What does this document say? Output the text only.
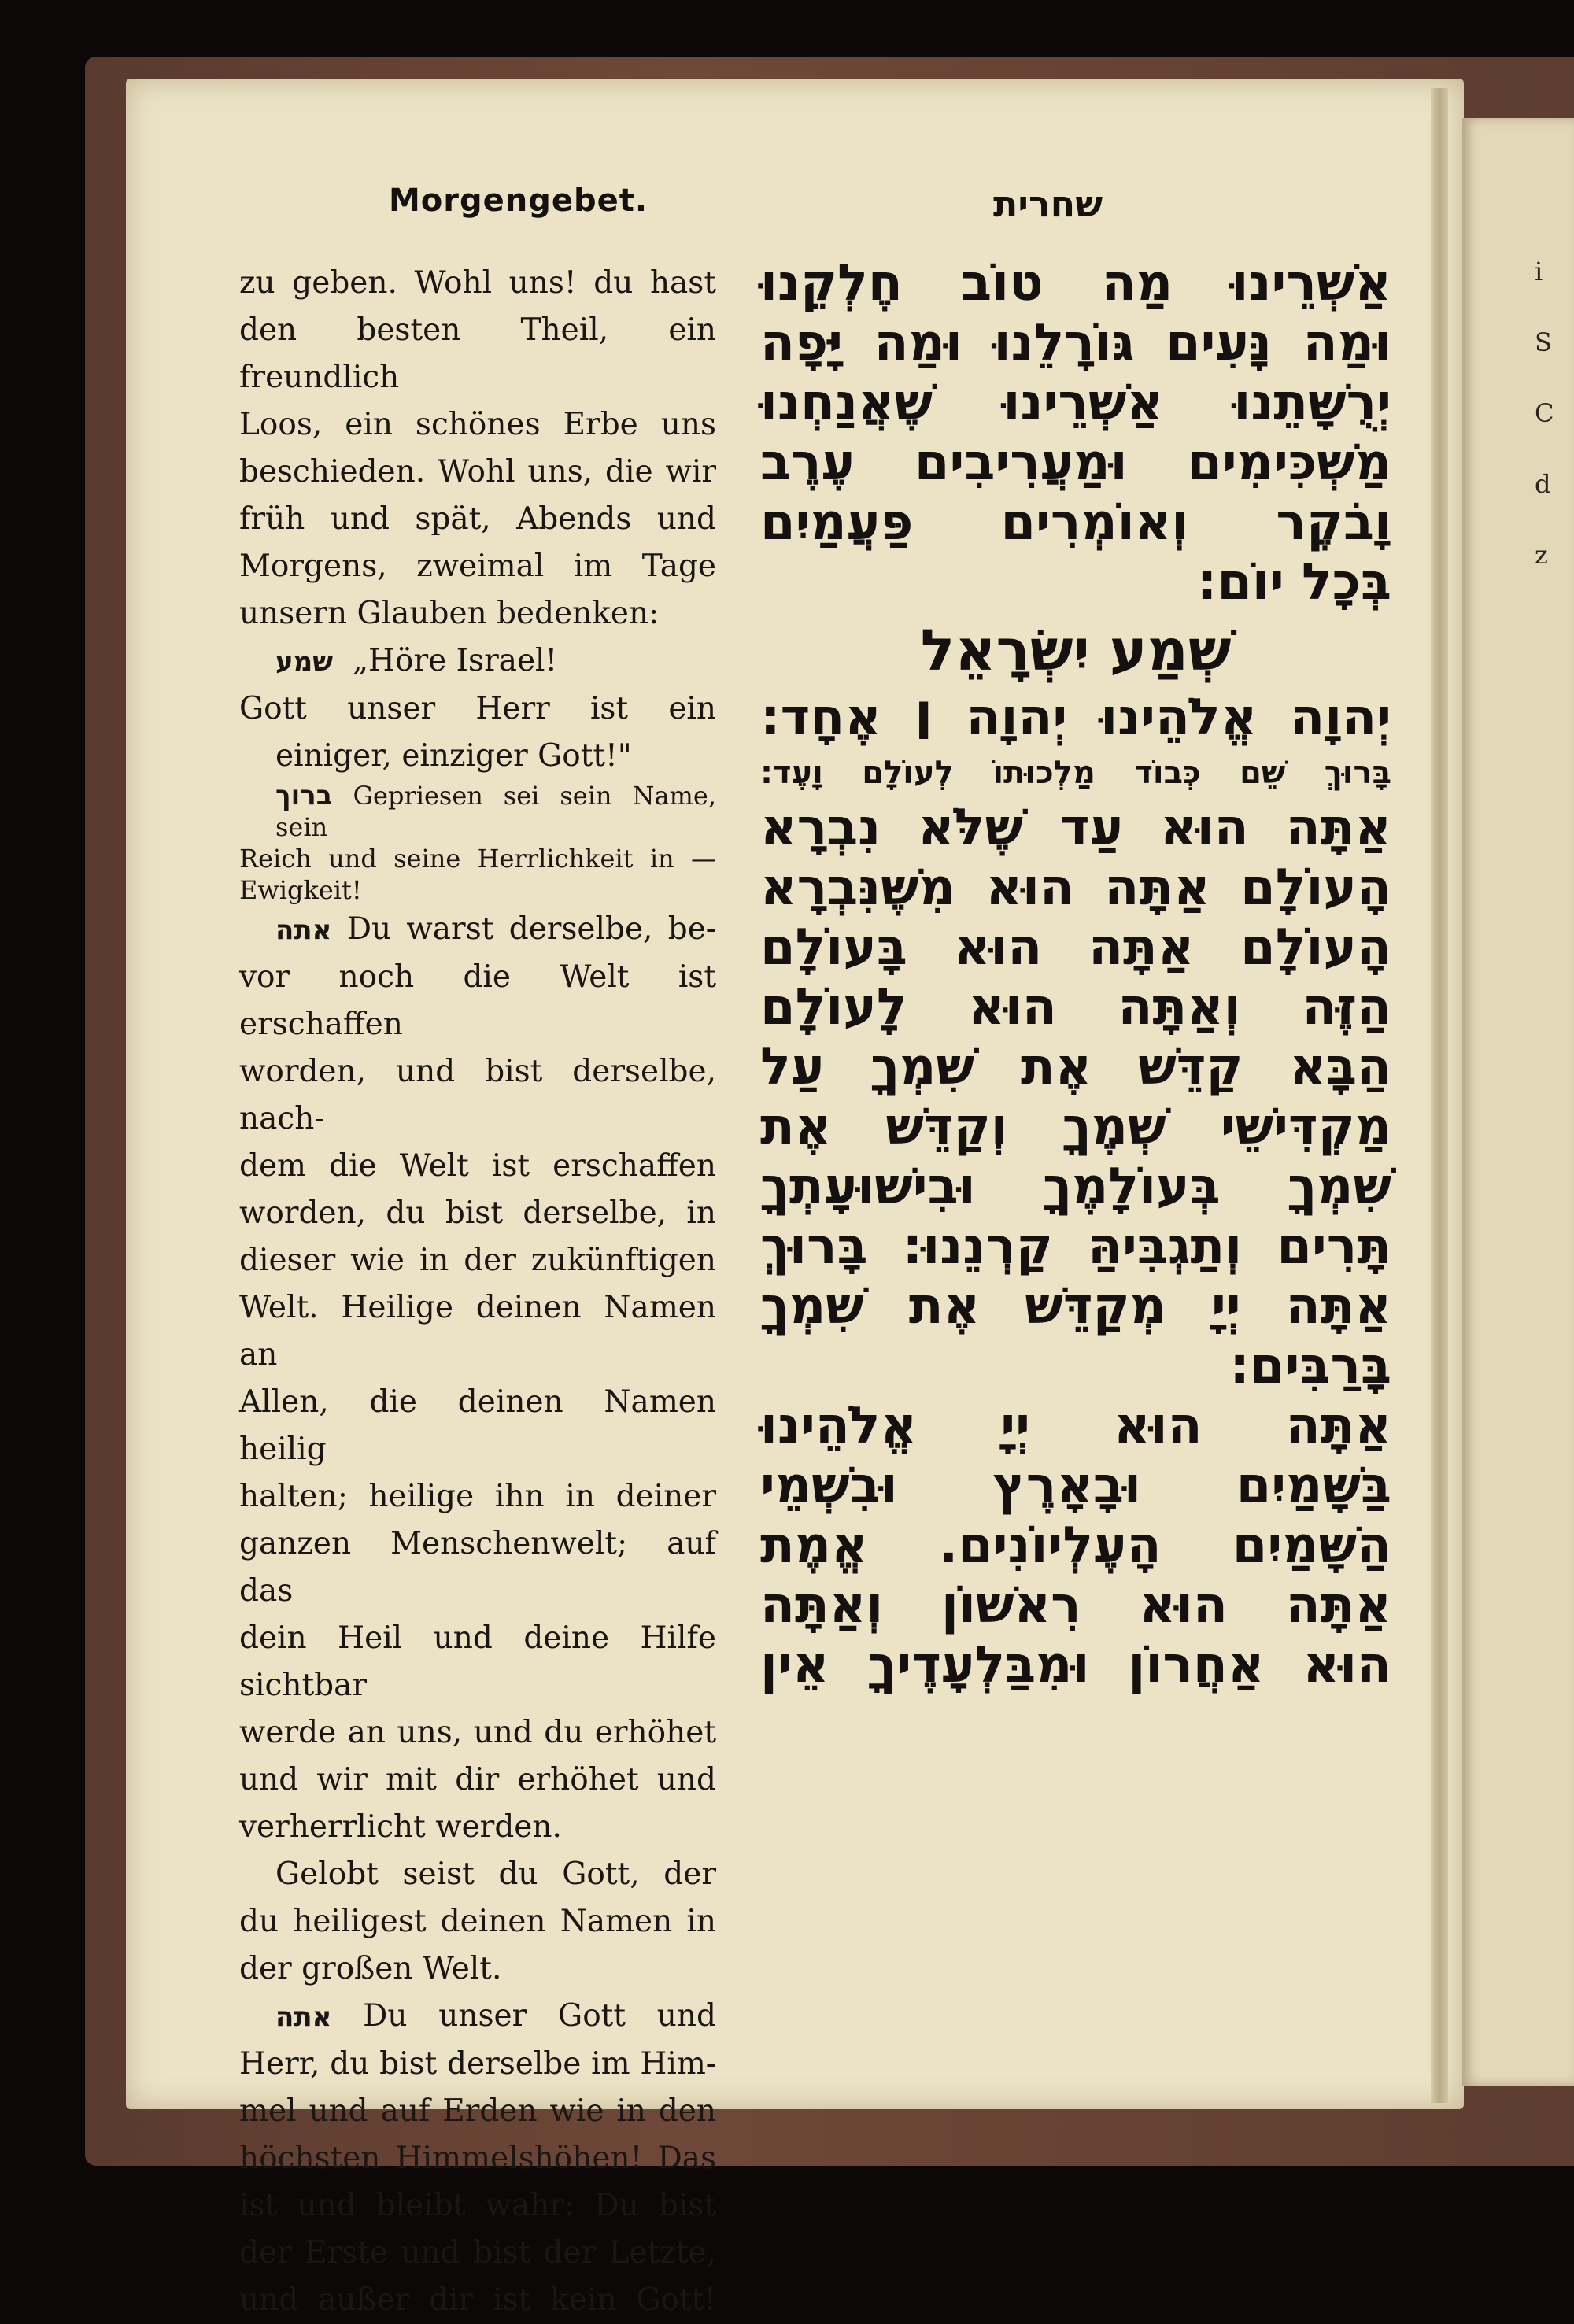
Morgengebet.	שחרית

zu geben. Wohl uns! du hast

den besten Theil, ein freundlich

Loos, ein schönes Erbe uns

beschieden. Wohl uns, die wir

früh und spät, Abends und

Morgens, zweimal im Tage

unsern Glauben bedenken:

שמע „Höre Israel!

Gott unser Herr ist ein

einiger, einziger Gott!"

ברוך Gepriesen sei sein Name, sein

Reich und seine Herrlichkeit in —

Ewigkeit!

אתה Du warst derselbe, be-

vor noch die Welt ist erschaffen

worden, und bist derselbe, nach-

dem die Welt ist erschaffen

worden, du bist derselbe, in

dieser wie in der zukünftigen

Welt. Heilige deinen Namen an

Allen, die deinen Namen heilig

halten; heilige ihn in deiner

ganzen Menschenwelt; auf das

dein Heil und deine Hilfe sichtbar

werde an uns, und du erhöhet

und wir mit dir erhöhet und

verherrlicht werden.

Gelobt seist du Gott, der

du heiligest deinen Namen in

der großen Welt.

אתה Du unser Gott und

Herr, du bist derselbe im Him-

mel und auf Erden wie in den

höchsten Himmelshöhen! Das

ist und bleibt wahr: Du bist

der Erste und bist der Letzte,

und außer dir ist kein Gott!

אַשְׁרֵינוּ מַה טוֹב חֶלְקֵנוּ

וּמַה נָּעִים גּוֹרָלֵנוּ וּמַה יָּפָה

יְרֻשָּׁתֵנוּ אַשְׁרֵינוּ שֶׁאֲנַחְנוּ

מַשְׁכִּימִים וּמַעֲרִיבִים עֶרֶב

וָבֹקֶר וְאוֹמְרִים פַּעֲמַיִם

בְּכָל יוֹם:

שְׁמַע יִשְׂרָאֵל

יְהוָה אֱלֹהֵינוּ יְהוָה ׀ אֶחָד:

בָּרוּךְ שֵׁם כְּבוֹד מַלְכוּתוֹ לְעוֹלָם וָעֶד:

אַתָּה הוּא עַד שֶׁלֹּא נִבְרָא

הָעוֹלָם אַתָּה הוּא מִשֶּׁנִּבְרָא

הָעוֹלָם אַתָּה הוּא בָּעוֹלָם

הַזֶּה וְאַתָּה הוּא לָעוֹלָם

הַבָּא קַדֵּשׁ אֶת שִׁמְךָ עַל

מַקְדִּישֵׁי שְׁמֶךָ וְקַדֵּשׁ אֶת

שִׁמְךָ בְּעוֹלָמֶךָ וּבִישׁוּעָתְךָ

תָּרִים וְתַגְבִּיהַּ קַרְנֵנוּ: בָּרוּךְ

אַתָּה יְיָ מְקַדֵּשׁ אֶת שִׁמְךָ

בָּרַבִּים:

אַתָּה הוּא יְיָ אֱלֹהֵינוּ

בַּשָּׁמַיִם וּבָאָרֶץ וּבִשְׁמֵי

הַשָּׁמַיִם הָעֶלְיוֹנִים. אֱמֶת

אַתָּה הוּא רִאשׁוֹן וְאַתָּה

הוּא אַחֲרוֹן וּמִבַּלְעָדֶיךָ אֵין

i
S
C
d
z
